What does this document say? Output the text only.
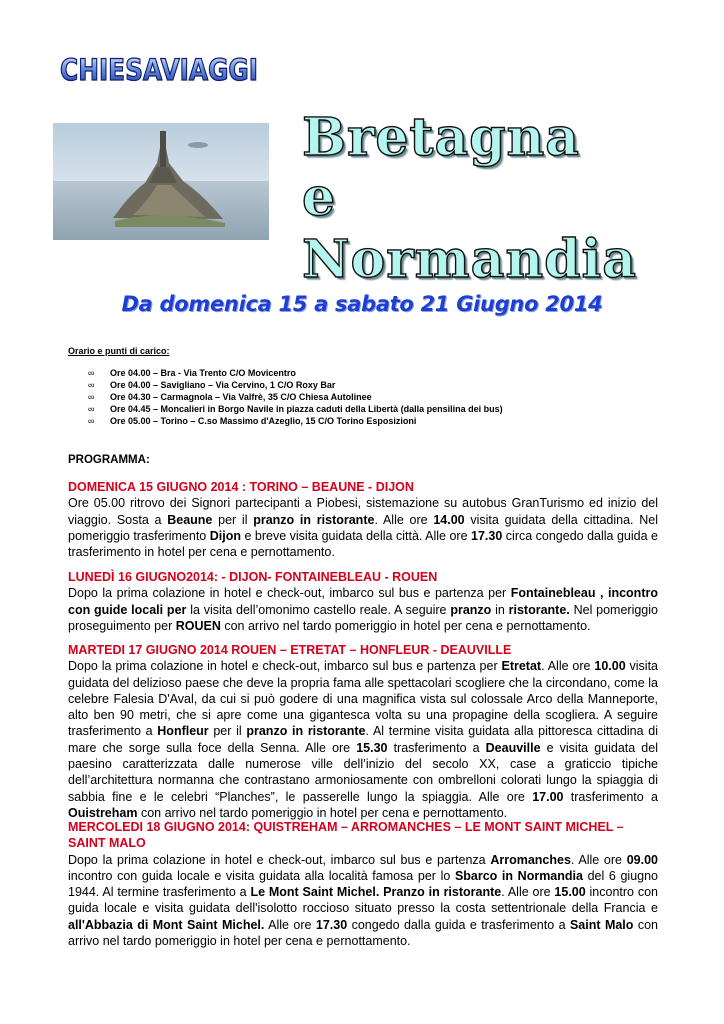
CHIESAVIAGGI
Bretagna e
Normandia
Da domenica 15 a sabato 21 Giugno 2014
Orario e punti di carico:
∞ Ore 04.00 – Bra - Via Trento C/O Movicentro
∞ Ore 04.00 – Savigliano – Via Cervino, 1 C/O Roxy Bar
∞ Ore 04.30 – Carmagnola – Via Valfrè, 35 C/O Chiesa Autolinee
∞ Ore 04.45 – Moncalieri in Borgo Navile in piazza caduti della Libertà (dalla pensilina dei bus)
∞ Ore 05.00 – Torino – C.so Massimo d'Azeglio, 15 C/O Torino Esposizioni
PROGRAMMA:
DOMENICA 15 GIUGNO 2014 : TORINO – BEAUNE - DIJON

Ore 05.00 ritrovo dei Signori partecipanti a Piobesi, sistemazione su autobus GranTurismo ed inizio del viaggio. Sosta a Beaune per il pranzo in ristorante. Alle ore 14.00 visita guidata della cittadina. Nel pomeriggio trasferimento Dijon e breve visita guidata della città. Alle ore 17.30 circa congedo dalla guida e trasferimento in hotel per cena e pernottamento.

LUNEDÌ 16 GIUGNO2014: - DIJON- FONTAINEBLEAU - ROUEN

Dopo la prima colazione in hotel e check-out, imbarco sul bus e partenza per Fontainebleau , incontro con guide locali per la visita dell’omonimo castello reale. A seguire pranzo in ristorante. Nel pomeriggio proseguimento per ROUEN con arrivo nel tardo pomeriggio in hotel per cena e pernottamento.

MARTEDI 17 GIUGNO 2014 ROUEN – ETRETAT – HONFLEUR - DEAUVILLE

Dopo la prima colazione in hotel e check-out, imbarco sul bus e partenza per Etretat. Alle ore 10.00 visita guidata del delizioso paese che deve la propria fama alle spettacolari scogliere che la circondano, come la celebre Falesia D'Aval, da cui si può godere di una magnifica vista sul colossale Arco della Manneporte, alto ben 90 metri, che si apre come una gigantesca volta su una propagine della scogliera. A seguire trasferimento a Honfleur per il pranzo in ristorante. Al termine visita guidata alla pittoresca cittadina di mare che sorge sulla foce della Senna. Alle ore 15.30 trasferimento a Deauville e visita guidata del paesino caratterizzata dalle numerose ville dell’inizio del secolo XX, case a graticcio tipiche dell’architettura normanna che contrastano armoniosamente con ombrelloni colorati lungo la spiaggia di sabbia fine e le celebri “Planches”, le passerelle lungo la spiaggia. Alle ore 17.00 trasferimento a Ouistreham con arrivo nel tardo pomeriggio in hotel per cena e pernottamento.

MERCOLEDI 18 GIUGNO 2014: QUISTREHAM – ARROMANCHES – LE MONT SAINT MICHEL – SAINT MALO

Dopo la prima colazione in hotel e check-out, imbarco sul bus e partenza Arromanches. Alle ore 09.00 incontro con guida locale e visita guidata alla località famosa per lo Sbarco in Normandia del 6 giugno 1944. Al termine trasferimento a Le Mont Saint Michel. Pranzo in ristorante. Alle ore 15.00 incontro con guida locale e visita guidata dell'isolotto roccioso situato presso la costa settentrionale della Francia e all'Abbazia di Mont Saint Michel. Alle ore 17.30 congedo dalla guida e trasferimento a Saint Malo con arrivo nel tardo pomeriggio in hotel per cena e pernottamento.
